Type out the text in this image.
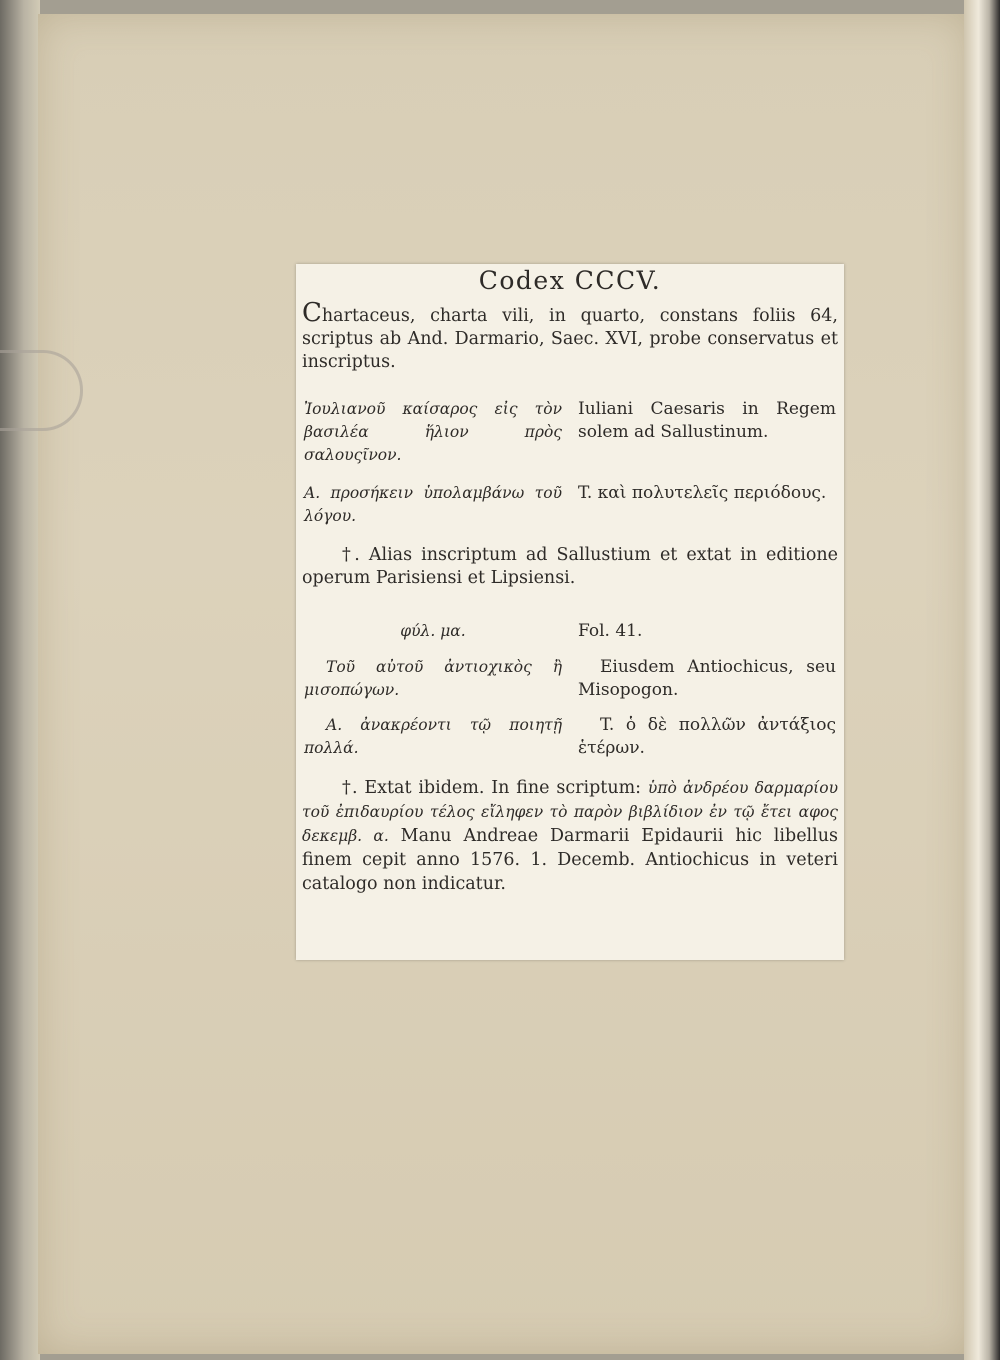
Codex CCCV.
Chartaceus, charta vili, in quarto, constans foliis 64, scriptus ab And. Darmario, Saec. XVI, probe conservatus et inscriptus.
Ἰουλιανοῦ καίσαρος εἰς τὸν βασιλέα ἥλιον πρὸς σαλουςῖνον.
Iuliani Caesaris in Regem solem ad Sallustinum.
A. προσήκειν ὑπολαμβάνω τοῦ λόγου.
T. καὶ πολυτελεῖς περιόδους.
†. Alias inscriptum ad Sallustium et extat in editione operum Parisiensi et Lipsiensi.
φύλ. μα.	Fol. 41.
Τοῦ αὐτοῦ ἀντιοχικὸς ἢ μισοπώγων.
Eiusdem Antiochicus, seu Misopogon.
A. ἀνακρέοντι τῷ ποιητῇ πολλά.
T. ὁ δὲ πολλῶν ἀντάξιος ἑτέρων.
†. Extat ibidem. In fine scriptum: ὑπὸ ἀνδρέου δαρμαρίου τοῦ ἐπιδαυρίου τέλος εἴληφεν τὸ παρὸν βιβλίδιον ἐν τῷ ἔτει αφος δεκεμβ. α. Manu Andreae Darmarii Epidaurii hic libellus finem cepit anno 1576. 1. Decemb. Antiochicus in veteri catalogo non indicatur.
